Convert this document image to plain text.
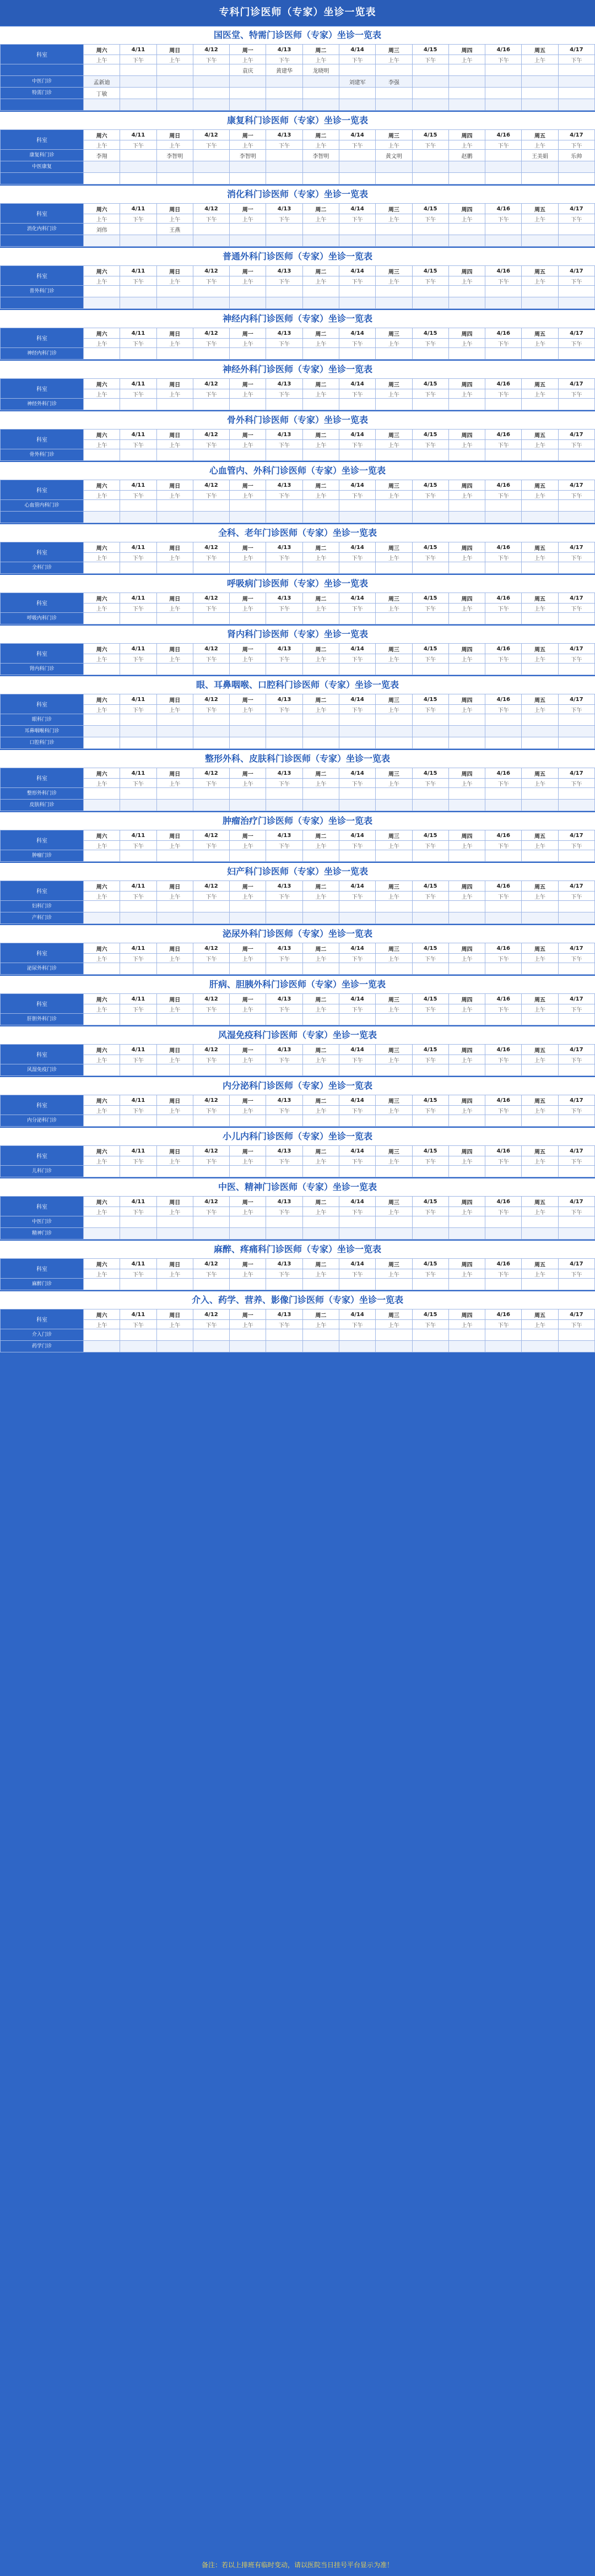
专科门诊医师（专家）坐诊一览表
国医堂、特需门诊医师（专家）坐诊一览表
科室	周六	4/11	周日	4/12	周一	4/13	周二	4/14	周三	4/15	周四	4/16	周五	4/17
	上午	下午	上午	下午	上午	下午	上午	下午	上午	下午	上午	下午	上午	下午
					袁庆	黄建华	龙晓明							
中医门诊	孟新迪							刘建军	李强					
特需门诊	丁敏													

康复科门诊医师（专家）坐诊一览表
科室	周六	4/11	周日	4/12	周一	4/13	周二	4/14	周三	4/15	周四	4/16	周五	4/17
	上午	下午	上午	下午	上午	下午	上午	下午	上午	下午	上午	下午	上午	下午
康复科门诊	李翔		李智明		李智明		李智明		黄文明		赵鹏		王美娟	乐帅
中医康复														

消化科门诊医师（专家）坐诊一览表
科室	周六	4/11	周日	4/12	周一	4/13	周二	4/14	周三	4/15	周四	4/16	周五	4/17
	上午	下午	上午	下午	上午	下午	上午	下午	上午	下午	上午	下午	上午	下午
消化内科门诊	刘伟		王燕											

普通外科门诊医师（专家）坐诊一览表
科室	周六	4/11	周日	4/12	周一	4/13	周二	4/14	周三	4/15	周四	4/16	周五	4/17
	上午	下午	上午	下午	上午	下午	上午	下午	上午	下午	上午	下午	上午	下午
普外科门诊														

神经内科门诊医师（专家）坐诊一览表
科室	周六	4/11	周日	4/12	周一	4/13	周二	4/14	周三	4/15	周四	4/16	周五	4/17
	上午	下午	上午	下午	上午	下午	上午	下午	上午	下午	上午	下午	上午	下午
神经内科门诊														
神经外科门诊医师（专家）坐诊一览表
科室	周六	4/11	周日	4/12	周一	4/13	周二	4/14	周三	4/15	周四	4/16	周五	4/17
	上午	下午	上午	下午	上午	下午	上午	下午	上午	下午	上午	下午	上午	下午
神经外科门诊														
骨外科门诊医师（专家）坐诊一览表
科室	周六	4/11	周日	4/12	周一	4/13	周二	4/14	周三	4/15	周四	4/16	周五	4/17
	上午	下午	上午	下午	上午	下午	上午	下午	上午	下午	上午	下午	上午	下午
骨外科门诊														
心血管内、外科门诊医师（专家）坐诊一览表
科室	周六	4/11	周日	4/12	周一	4/13	周二	4/14	周三	4/15	周四	4/16	周五	4/17
	上午	下午	上午	下午	上午	下午	上午	下午	上午	下午	上午	下午	上午	下午
心血管内科门诊														

全科、老年门诊医师（专家）坐诊一览表
科室	周六	4/11	周日	4/12	周一	4/13	周二	4/14	周三	4/15	周四	4/16	周五	4/17
	上午	下午	上午	下午	上午	下午	上午	下午	上午	下午	上午	下午	上午	下午
全科门诊														
呼吸病门诊医师（专家）坐诊一览表
科室	周六	4/11	周日	4/12	周一	4/13	周二	4/14	周三	4/15	周四	4/16	周五	4/17
	上午	下午	上午	下午	上午	下午	上午	下午	上午	下午	上午	下午	上午	下午
呼吸内科门诊														
肾内科门诊医师（专家）坐诊一览表
科室	周六	4/11	周日	4/12	周一	4/13	周二	4/14	周三	4/15	周四	4/16	周五	4/17
	上午	下午	上午	下午	上午	下午	上午	下午	上午	下午	上午	下午	上午	下午
肾内科门诊														
眼、耳鼻咽喉、口腔科门诊医师（专家）坐诊一览表
科室	周六	4/11	周日	4/12	周一	4/13	周二	4/14	周三	4/15	周四	4/16	周五	4/17
	上午	下午	上午	下午	上午	下午	上午	下午	上午	下午	上午	下午	上午	下午
眼科门诊														
耳鼻咽喉科门诊														
口腔科门诊														
整形外科、皮肤科门诊医师（专家）坐诊一览表
科室	周六	4/11	周日	4/12	周一	4/13	周二	4/14	周三	4/15	周四	4/16	周五	4/17
	上午	下午	上午	下午	上午	下午	上午	下午	上午	下午	上午	下午	上午	下午
整形外科门诊														
皮肤科门诊														
肿瘤治疗门诊医师（专家）坐诊一览表
科室	周六	4/11	周日	4/12	周一	4/13	周二	4/14	周三	4/15	周四	4/16	周五	4/17
	上午	下午	上午	下午	上午	下午	上午	下午	上午	下午	上午	下午	上午	下午
肿瘤门诊														
妇产科门诊医师（专家）坐诊一览表
科室	周六	4/11	周日	4/12	周一	4/13	周二	4/14	周三	4/15	周四	4/16	周五	4/17
	上午	下午	上午	下午	上午	下午	上午	下午	上午	下午	上午	下午	上午	下午
妇科门诊														
产科门诊														
泌尿外科门诊医师（专家）坐诊一览表
科室	周六	4/11	周日	4/12	周一	4/13	周二	4/14	周三	4/15	周四	4/16	周五	4/17
	上午	下午	上午	下午	上午	下午	上午	下午	上午	下午	上午	下午	上午	下午
泌尿外科门诊														
肝病、胆胰外科门诊医师（专家）坐诊一览表
科室	周六	4/11	周日	4/12	周一	4/13	周二	4/14	周三	4/15	周四	4/16	周五	4/17
	上午	下午	上午	下午	上午	下午	上午	下午	上午	下午	上午	下午	上午	下午
肝胆外科门诊														
风湿免疫科门诊医师（专家）坐诊一览表
科室	周六	4/11	周日	4/12	周一	4/13	周二	4/14	周三	4/15	周四	4/16	周五	4/17
	上午	下午	上午	下午	上午	下午	上午	下午	上午	下午	上午	下午	上午	下午
风湿免疫门诊														
内分泌科门诊医师（专家）坐诊一览表
科室	周六	4/11	周日	4/12	周一	4/13	周二	4/14	周三	4/15	周四	4/16	周五	4/17
	上午	下午	上午	下午	上午	下午	上午	下午	上午	下午	上午	下午	上午	下午
内分泌科门诊														
小儿内科门诊医师（专家）坐诊一览表
科室	周六	4/11	周日	4/12	周一	4/13	周二	4/14	周三	4/15	周四	4/16	周五	4/17
	上午	下午	上午	下午	上午	下午	上午	下午	上午	下午	上午	下午	上午	下午
儿科门诊														
中医、精神门诊医师（专家）坐诊一览表
科室	周六	4/11	周日	4/12	周一	4/13	周二	4/14	周三	4/15	周四	4/16	周五	4/17
	上午	下午	上午	下午	上午	下午	上午	下午	上午	下午	上午	下午	上午	下午
中医门诊														
精神门诊														
麻醉、疼痛科门诊医师（专家）坐诊一览表
科室	周六	4/11	周日	4/12	周一	4/13	周二	4/14	周三	4/15	周四	4/16	周五	4/17
	上午	下午	上午	下午	上午	下午	上午	下午	上午	下午	上午	下午	上午	下午
麻醉门诊														
介入、药学、营养、影像门诊医师（专家）坐诊一览表
科室	周六	4/11	周日	4/12	周一	4/13	周二	4/14	周三	4/15	周四	4/16	周五	4/17
	上午	下午	上午	下午	上午	下午	上午	下午	上午	下午	上午	下午	上午	下午
介入门诊														
药学门诊														
备注：若以上排班有临时变动，请以医院当日挂号平台显示为准！
